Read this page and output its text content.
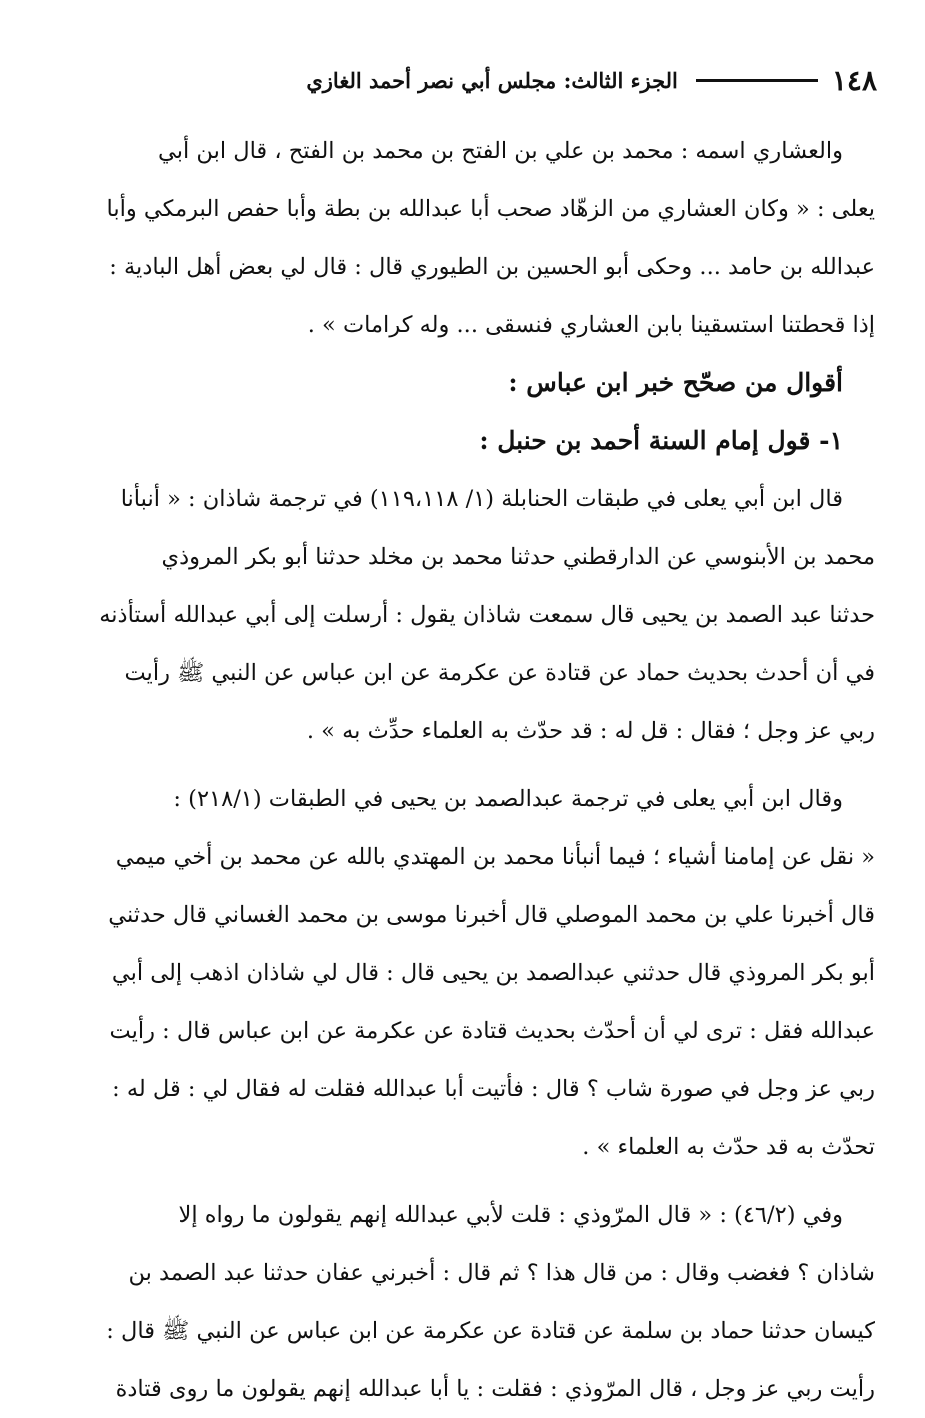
١٤٨
الجزء الثالث: مجلس أبي نصر أحمد الغازي
والعشاري اسمه : محمد بن علي بن الفتح بن محمد بن الفتح ، قال ابن أبي
يعلى : « وكان العشاري من الزهّاد صحب أبا عبدالله بن بطة وأبا حفص البرمكي وأبا
عبدالله بن حامد ... وحكى أبو الحسين بن الطيوري قال : قال لي بعض أهل البادية :
إذا قحطتنا استسقينا بابن العشاري فنسقى ... وله كرامات » .
أقوال من صحّح خبر ابن عباس :
١- قول إمام السنة أحمد بن حنبل :
قال ابن أبي يعلى في طبقات الحنابلة (١/ ١١٩،١١٨) في ترجمة شاذان : « أنبأنا
محمد بن الأبنوسي عن الدارقطني حدثنا محمد بن مخلد حدثنا أبو بكر المروذي
حدثنا عبد الصمد بن يحيى قال سمعت شاذان يقول : أرسلت إلى أبي عبدالله أستأذنه
في أن أحدث بحديث حماد عن قتادة عن عكرمة عن ابن عباس عن النبي ﷺ رأيت
ربي عز وجل ؛ فقال : قل له : قد حدّث به العلماء حدِّث به » .
وقال ابن أبي يعلى في ترجمة عبدالصمد بن يحيى في الطبقات (٢١٨/١) :
« نقل عن إمامنا أشياء ؛ فيما أنبأنا محمد بن المهتدي بالله عن محمد بن أخي ميمي
قال أخبرنا علي بن محمد الموصلي قال أخبرنا موسى بن محمد الغساني قال حدثني
أبو بكر المروذي قال حدثني عبدالصمد بن يحيى قال : قال لي شاذان اذهب إلى أبي
عبدالله فقل : ترى لي أن أحدّث بحديث قتادة عن عكرمة عن ابن عباس قال : رأيت
ربي عز وجل في صورة شاب ؟ قال : فأتيت أبا عبدالله فقلت له فقال لي : قل له :
تحدّث به قد حدّث به العلماء » .
وفي (٤٦/٢) : « قال المرّوذي : قلت لأبي عبدالله إنهم يقولون ما رواه إلا
شاذان ؟ فغضب وقال : من قال هذا ؟ ثم قال : أخبرني عفان حدثنا عبد الصمد بن
كيسان حدثنا حماد بن سلمة عن قتادة عن عكرمة عن ابن عباس عن النبي ﷺ قال :
رأيت ربي عز وجل ، قال المرّوذي : فقلت : يا أبا عبدالله إنهم يقولون ما روى قتادة
